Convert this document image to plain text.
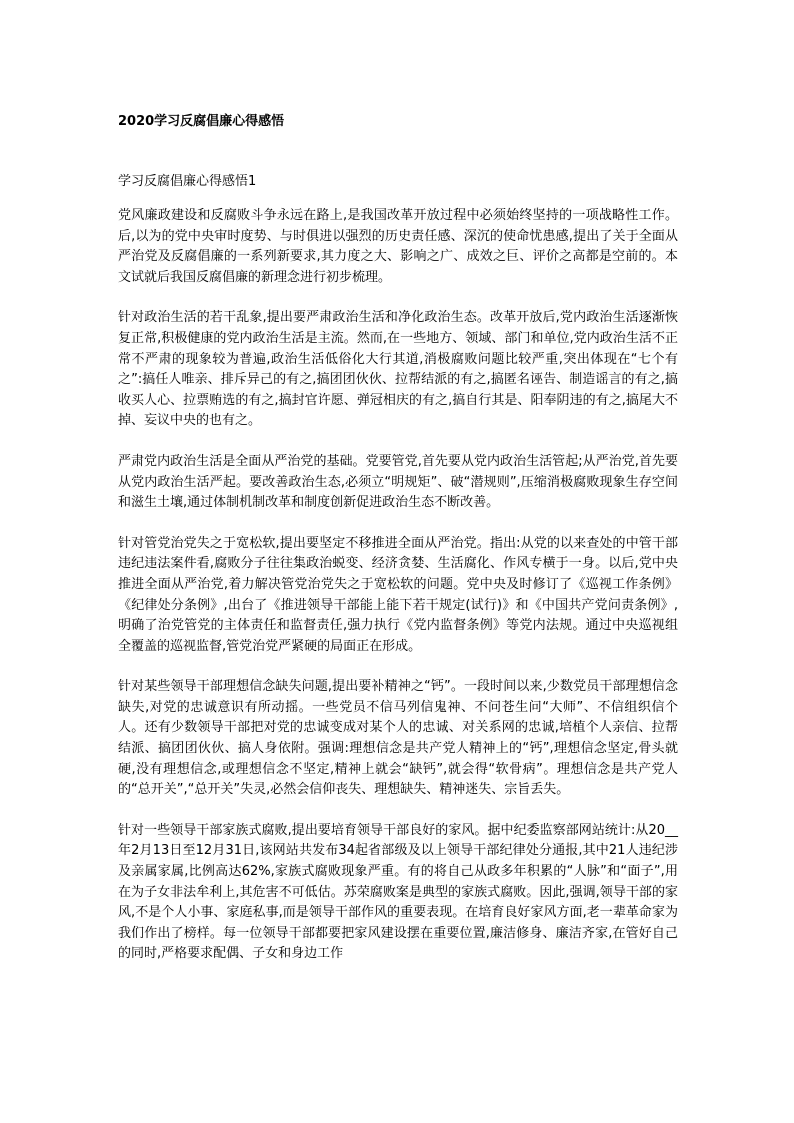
2020学习反腐倡廉心得感悟
学习反腐倡廉心得感悟1

党风廉政建设和反腐败斗争永远在路上,是我国改革开放过程中必须始终坚持的一项战略性工作。后,以为的党中央审时度势、与时俱进以强烈的历史责任感、深沉的使命忧患感,提出了关于全面从严治党及反腐倡廉的一系列新要求,其力度之大、影响之广、成效之巨、评价之高都是空前的。本文试就后我国反腐倡廉的新理念进行初步梳理。

针对政治生活的若干乱象,提出要严肃政治生活和净化政治生态。改革开放后,党内政治生活逐渐恢复正常,积极健康的党内政治生活是主流。然而,在一些地方、领域、部门和单位,党内政治生活不正常不严肃的现象较为普遍,政治生活低俗化大行其道,消极腐败问题比较严重,突出体现在“七个有之”:搞任人唯亲、排斥异己的有之,搞团团伙伙、拉帮结派的有之,搞匿名诬告、制造谣言的有之,搞收买人心、拉票贿选的有之,搞封官许愿、弹冠相庆的有之,搞自行其是、阳奉阴违的有之,搞尾大不掉、妄议中央的也有之。

严肃党内政治生活是全面从严治党的基础。党要管党,首先要从党内政治生活管起;从严治党,首先要从党内政治生活严起。要改善政治生态,必须立“明规矩”、破“潜规则”,压缩消极腐败现象生存空间和滋生土壤,通过体制机制改革和制度创新促进政治生态不断改善。

针对管党治党失之于宽松软,提出要坚定不移推进全面从严治党。指出:从党的以来查处的中管干部违纪违法案件看,腐败分子往往集政治蜕变、经济贪婪、生活腐化、作风专横于一身。以后,党中央推进全面从严治党,着力解决管党治党失之于宽松软的问题。党中央及时修订了《巡视工作条例》《纪律处分条例》,出台了《推进领导干部能上能下若干规定(试行)》和《中国共产党问责条例》,明确了治党管党的主体责任和监督责任,强力执行《党内监督条例》等党内法规。通过中央巡视组全覆盖的巡视监督,管党治党严紧硬的局面正在形成。

针对某些领导干部理想信念缺失问题,提出要补精神之“钙”。一段时间以来,少数党员干部理想信念缺失,对党的忠诚意识有所动摇。一些党员不信马列信鬼神、不问苍生问“大师”、不信组织信个人。还有少数领导干部把对党的忠诚变成对某个人的忠诚、对关系网的忠诚,培植个人亲信、拉帮结派、搞团团伙伙、搞人身依附。强调:理想信念是共产党人精神上的“钙”,理想信念坚定,骨头就硬,没有理想信念,或理想信念不坚定,精神上就会“缺钙”,就会得“软骨病”。理想信念是共产党人的“总开关”,“总开关”失灵,必然会信仰丧失、理想缺失、精神迷失、宗旨丢失。

针对一些领导干部家族式腐败,提出要培育领导干部良好的家风。据中纪委监察部网站统计:从20__年2月13日至12月31日,该网站共发布34起省部级及以上领导干部纪律处分通报,其中21人违纪涉及亲属家属,比例高达62%,家族式腐败现象严重。有的将自己从政多年积累的“人脉”和“面子”,用在为子女非法牟利上,其危害不可低估。苏荣腐败案是典型的家族式腐败。因此,强调,领导干部的家风,不是个人小事、家庭私事,而是领导干部作风的重要表现。在培育良好家风方面,老一辈革命家为我们作出了榜样。每一位领导干部都要把家风建设摆在重要位置,廉洁修身、廉洁齐家,在管好自己的同时,严格要求配偶、子女和身边工作
